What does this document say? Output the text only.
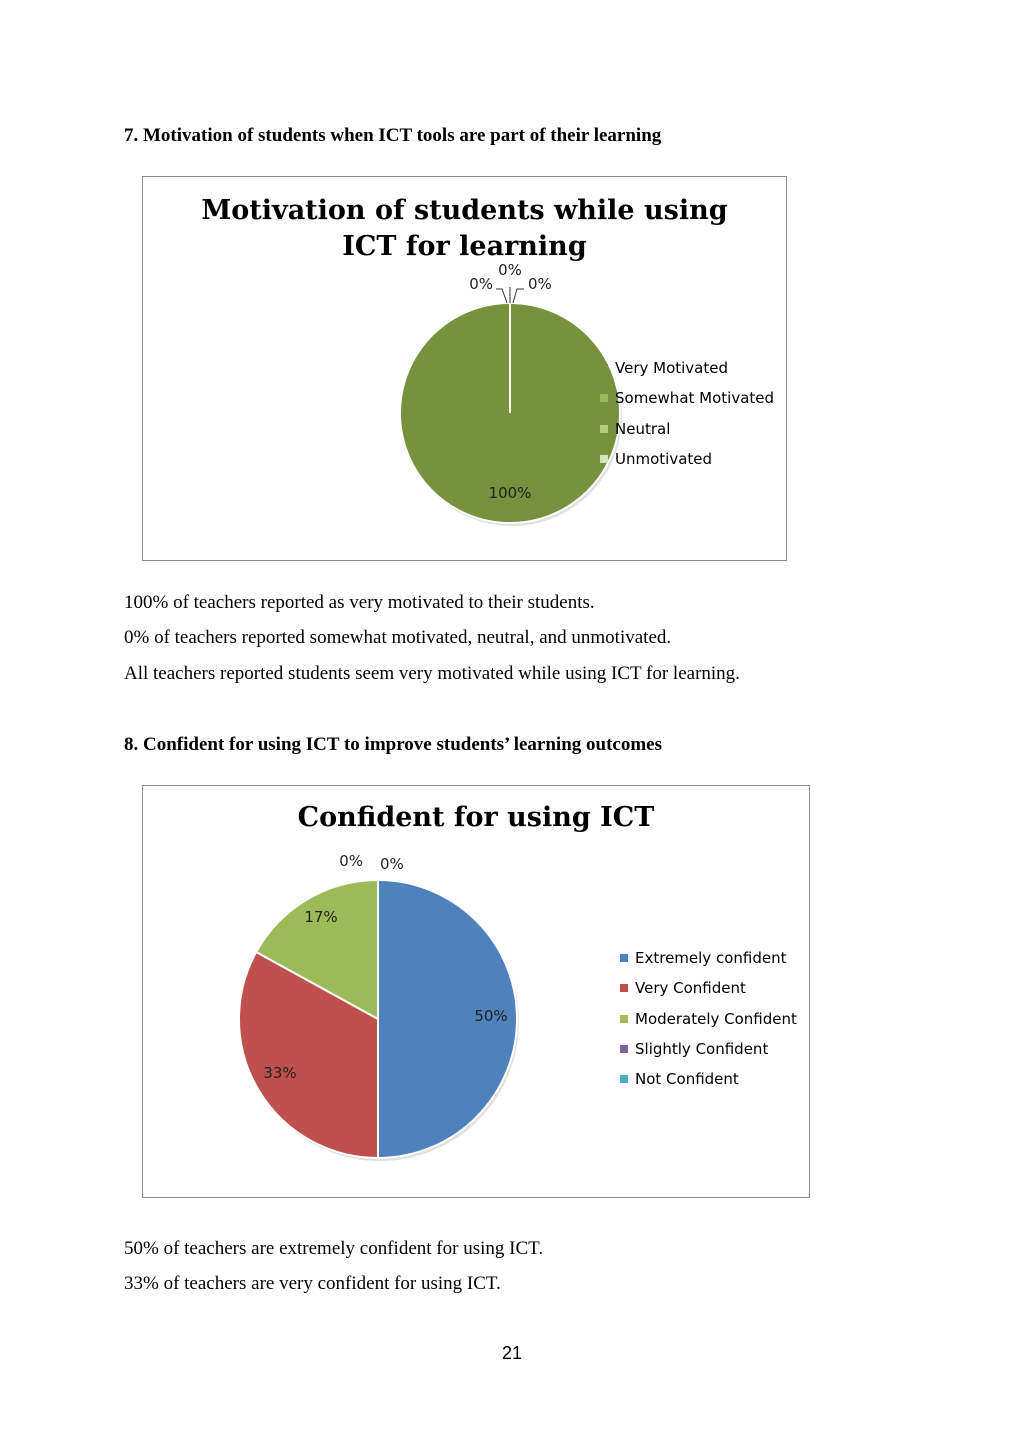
7. Motivation of students when ICT tools are part of their learning

Motivation of students while using
ICT for learning
100%
0%
0%
0%
Very Motivated
Somewhat Motivated
Neutral
Unmotivated

100% of teachers reported as very motivated to their students.

0% of teachers reported somewhat motivated, neutral, and unmotivated.

All teachers reported students seem very motivated while using ICT for learning.

8. Confident for using ICT to improve students’ learning outcomes

Confident for using ICT
50%
33%
17%
0% 0%
Extremely confident
Very Confident
Moderately Confident
Slightly Confident
Not Confident

50% of teachers are extremely confident for using ICT.

33% of teachers are very confident for using ICT.

21
